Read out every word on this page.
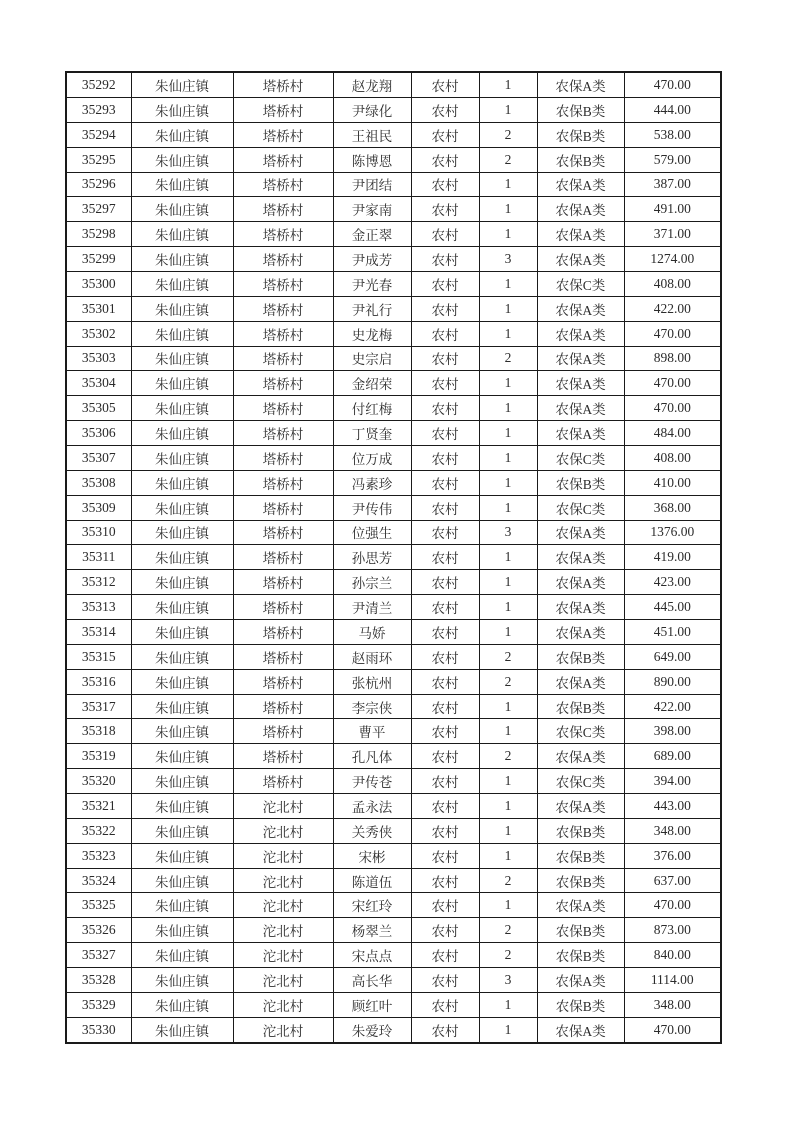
35292	朱仙庄镇	塔桥村	赵龙翔	农村	1	农保A类	470.00
35293	朱仙庄镇	塔桥村	尹绿化	农村	1	农保B类	444.00
35294	朱仙庄镇	塔桥村	王祖民	农村	2	农保B类	538.00
35295	朱仙庄镇	塔桥村	陈博恩	农村	2	农保B类	579.00
35296	朱仙庄镇	塔桥村	尹团结	农村	1	农保A类	387.00
35297	朱仙庄镇	塔桥村	尹家南	农村	1	农保A类	491.00
35298	朱仙庄镇	塔桥村	金正翠	农村	1	农保A类	371.00
35299	朱仙庄镇	塔桥村	尹成芳	农村	3	农保A类	1274.00
35300	朱仙庄镇	塔桥村	尹光春	农村	1	农保C类	408.00
35301	朱仙庄镇	塔桥村	尹礼行	农村	1	农保A类	422.00
35302	朱仙庄镇	塔桥村	史龙梅	农村	1	农保A类	470.00
35303	朱仙庄镇	塔桥村	史宗启	农村	2	农保A类	898.00
35304	朱仙庄镇	塔桥村	金绍荣	农村	1	农保A类	470.00
35305	朱仙庄镇	塔桥村	付红梅	农村	1	农保A类	470.00
35306	朱仙庄镇	塔桥村	丁贤奎	农村	1	农保A类	484.00
35307	朱仙庄镇	塔桥村	位万成	农村	1	农保C类	408.00
35308	朱仙庄镇	塔桥村	冯素珍	农村	1	农保B类	410.00
35309	朱仙庄镇	塔桥村	尹传伟	农村	1	农保C类	368.00
35310	朱仙庄镇	塔桥村	位强生	农村	3	农保A类	1376.00
35311	朱仙庄镇	塔桥村	孙思芳	农村	1	农保A类	419.00
35312	朱仙庄镇	塔桥村	孙宗兰	农村	1	农保A类	423.00
35313	朱仙庄镇	塔桥村	尹清兰	农村	1	农保A类	445.00
35314	朱仙庄镇	塔桥村	马娇	农村	1	农保A类	451.00
35315	朱仙庄镇	塔桥村	赵雨环	农村	2	农保B类	649.00
35316	朱仙庄镇	塔桥村	张杭州	农村	2	农保A类	890.00
35317	朱仙庄镇	塔桥村	李宗侠	农村	1	农保B类	422.00
35318	朱仙庄镇	塔桥村	曹平	农村	1	农保C类	398.00
35319	朱仙庄镇	塔桥村	孔凡体	农村	2	农保A类	689.00
35320	朱仙庄镇	塔桥村	尹传苍	农村	1	农保C类	394.00
35321	朱仙庄镇	沱北村	孟永法	农村	1	农保A类	443.00
35322	朱仙庄镇	沱北村	关秀侠	农村	1	农保B类	348.00
35323	朱仙庄镇	沱北村	宋彬	农村	1	农保B类	376.00
35324	朱仙庄镇	沱北村	陈道伍	农村	2	农保B类	637.00
35325	朱仙庄镇	沱北村	宋红玲	农村	1	农保A类	470.00
35326	朱仙庄镇	沱北村	杨翠兰	农村	2	农保B类	873.00
35327	朱仙庄镇	沱北村	宋点点	农村	2	农保B类	840.00
35328	朱仙庄镇	沱北村	高长华	农村	3	农保A类	1114.00
35329	朱仙庄镇	沱北村	顾红叶	农村	1	农保B类	348.00
35330	朱仙庄镇	沱北村	朱爱玲	农村	1	农保A类	470.00
